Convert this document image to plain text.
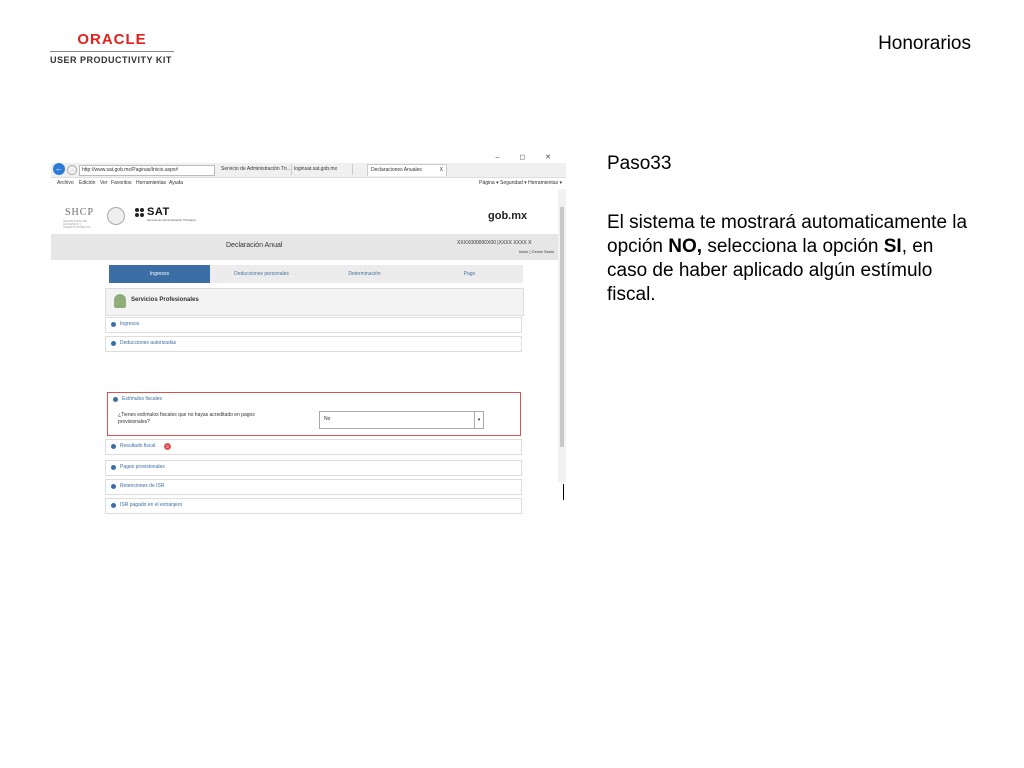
ORACLE
USER PRODUCTIVITY KIT
Honorarios
Paso33
El sistema te mostrará automaticamente la opción NO, selecciona la opción SI, en caso de haber aplicado algún estímulo fiscal.
– ◻ ✕
←	→	http://www.sat.gob.mx/Paginas/Inicio.aspx#	Servicio de Administración Tri... loginsat.sat.gob.mx	Declaraciones Anuales	X
Archivo Edición Ver Favoritos Herramientas Ayuda	Página ▾ Seguridad ▾ Herramientas ▾
SHCP
SECRETARÍA DE HACIENDA Y CRÉDITO PÚBLICO
SAT
Servicio de Administración Tributaria	gob.mx
Declaración Anual	XXXX000000X00 |XXXX XXXX X
Inicio | Cerrar Sesió
Ingresos	Deducciones personales	Determinación	Pago
Servicios Profesionales
Ingresos
Deducciones autorizadas
Estímulos fiscales
¿Tienes estímulos fiscales que no hayas acreditado en pagos provisionales?	No	▾
Resultado fiscal	2
Pagos provisionales
Retenciones de ISR
ISR pagado en el extranjero
